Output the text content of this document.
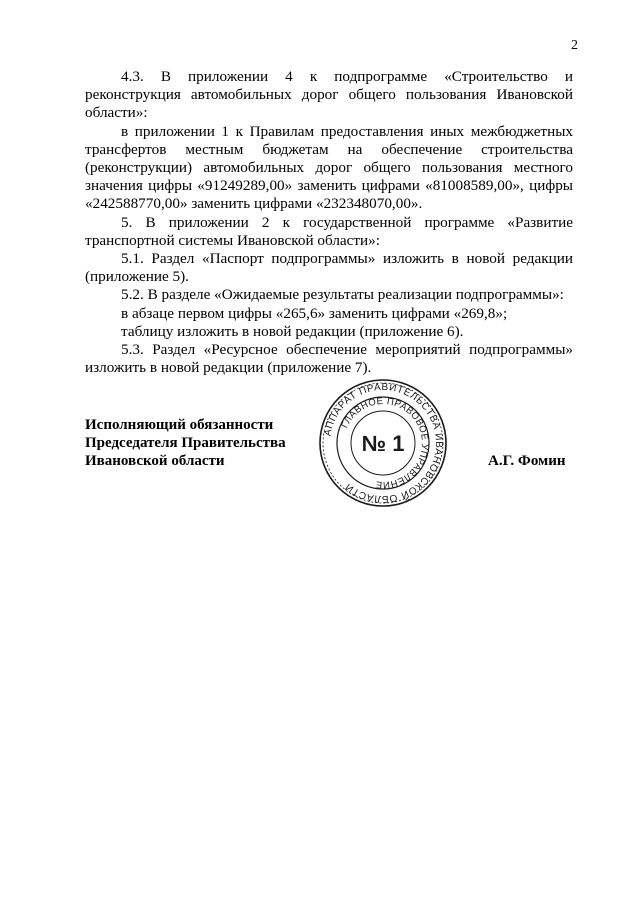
2

4.3. В приложении 4 к подпрограмме «Строительство и реконструкция автомобильных дорог общего пользования Ивановской области»:

в приложении 1 к Правилам предоставления иных межбюджетных трансфертов местным бюджетам на обеспечение строительства (реконструкции) автомобильных дорог общего пользования местного значения цифры «91249289,00» заменить цифрами «81008589,00», цифры «242588770,00» заменить цифрами «232348070,00».

5. В приложении 2 к государственной программе «Развитие транспортной системы Ивановской области»:

5.1. Раздел «Паспорт подпрограммы» изложить в новой редакции (приложение 5).

5.2. В разделе «Ожидаемые результаты реализации подпрограммы»:

в абзаце первом цифры «265,6» заменить цифрами «269,8»;

таблицу изложить в новой редакции (приложение 6).

5.3. Раздел «Ресурсное обеспечение мероприятий подпрограммы» изложить в новой редакции (приложение 7).

Исполняющий обязанности
Председателя Правительства
Ивановской области	А.Г. Фомин
АППАРАТ ПРАВИТЕЛЬСТВА ИВАНОВСКОЙ ОБЛАСТИ
ГЛАВНОЕ ПРАВОВОЕ УПРАВЛЕНИЕ
№ 1
